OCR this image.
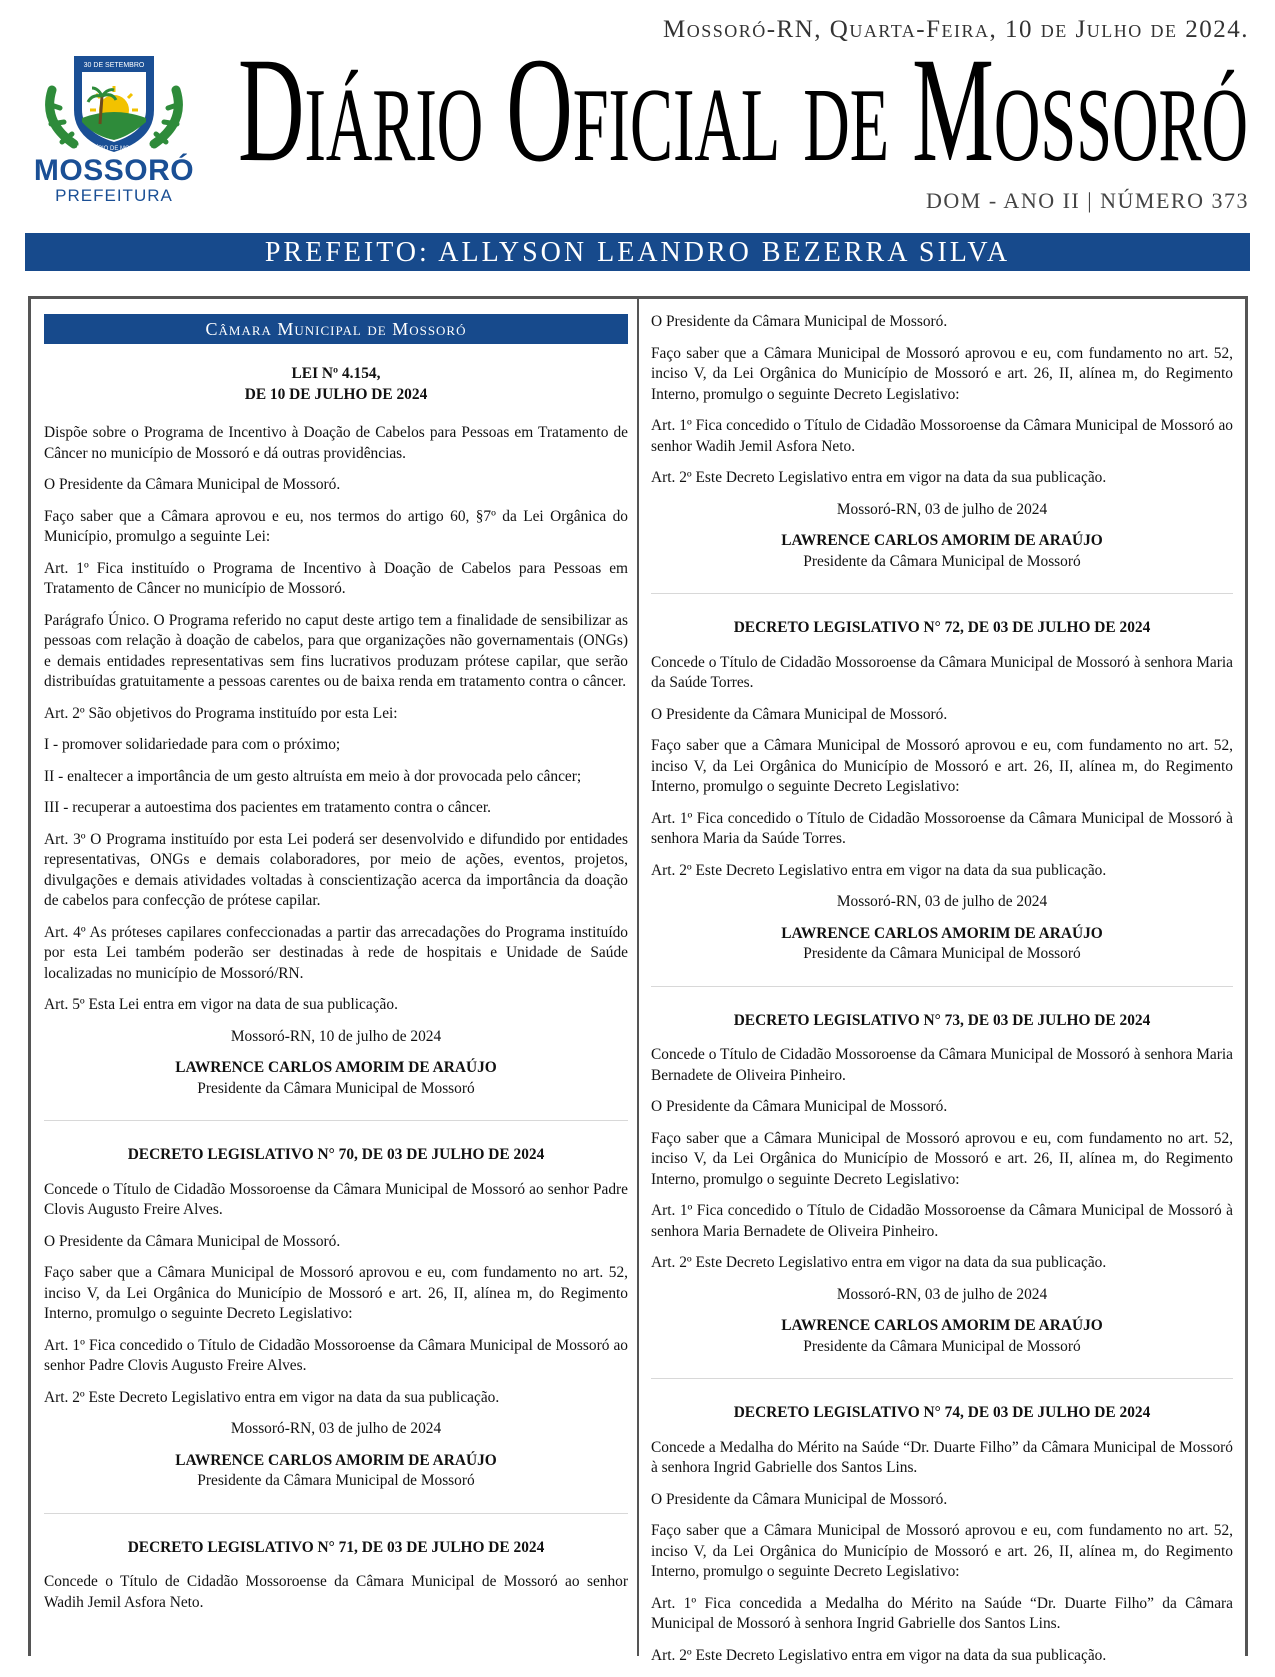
Mossoró-RN, Quarta-Feira, 10 de Julho de 2024.
30 DE SETEMBRO
MUNICÍPIO DE MOSSORÓ
MOSSORÓ
PREFEITURA
Diário Oficial de Mossoró
DOM - ANO II | NÚMERO 373
PREFEITO: ALLYSON LEANDRO BEZERRA SILVA
Câmara Municipal de Mossoró
LEI Nº 4.154,
DE 10 DE JULHO DE 2024

Dispõe sobre o Programa de Incentivo à Doação de Cabelos para Pessoas em Tratamento de Câncer no município de Mossoró e dá outras providências.

O Presidente da Câmara Municipal de Mossoró.

Faço saber que a Câmara aprovou e eu, nos termos do artigo 60, §7º da Lei Orgânica do Município, promulgo a seguinte Lei:

Art. 1º Fica instituído o Programa de Incentivo à Doação de Cabelos para Pessoas em Tratamento de Câncer no município de Mossoró.

Parágrafo Único. O Programa referido no caput deste artigo tem a finalidade de sensibilizar as pessoas com relação à doação de cabelos, para que organizações não governamentais (ONGs) e demais entidades representativas sem fins lucrativos produzam prótese capilar, que serão distribuídas gratuitamente a pessoas carentes ou de baixa renda em tratamento contra o câncer.

Art. 2º São objetivos do Programa instituído por esta Lei:

I - promover solidariedade para com o próximo;

II - enaltecer a importância de um gesto altruísta em meio à dor provocada pelo câncer;

III - recuperar a autoestima dos pacientes em tratamento contra o câncer.

Art. 3º O Programa instituído por esta Lei poderá ser desenvolvido e difundido por entidades representativas, ONGs e demais colaboradores, por meio de ações, eventos, projetos, divulgações e demais atividades voltadas à conscientização acerca da importância da doação de cabelos para confecção de prótese capilar.

Art. 4º As próteses capilares confeccionadas a partir das arrecadações do Programa instituído por esta Lei também poderão ser destinadas à rede de hospitais e Unidade de Saúde localizadas no município de Mossoró/RN.

Art. 5º Esta Lei entra em vigor na data de sua publicação.

Mossoró-RN, 10 de julho de 2024

LAWRENCE CARLOS AMORIM DE ARAÚJO

Presidente da Câmara Municipal de Mossoró

DECRETO LEGISLATIVO N° 70, DE 03 DE JULHO DE 2024

Concede o Título de Cidadão Mossoroense da Câmara Municipal de Mossoró ao senhor Padre Clovis Augusto Freire Alves.

O Presidente da Câmara Municipal de Mossoró.

Faço saber que a Câmara Municipal de Mossoró aprovou e eu, com fundamento no art. 52, inciso V, da Lei Orgânica do Município de Mossoró e art. 26, II, alínea m, do Regimento Interno, promulgo o seguinte Decreto Legislativo:

Art. 1º Fica concedido o Título de Cidadão Mossoroense da Câmara Municipal de Mossoró ao senhor Padre Clovis Augusto Freire Alves.

Art. 2º Este Decreto Legislativo entra em vigor na data da sua publicação.

Mossoró-RN, 03 de julho de 2024

LAWRENCE CARLOS AMORIM DE ARAÚJO

Presidente da Câmara Municipal de Mossoró

DECRETO LEGISLATIVO N° 71, DE 03 DE JULHO DE 2024

Concede o Título de Cidadão Mossoroense da Câmara Municipal de Mossoró ao senhor Wadih Jemil Asfora Neto.

O Presidente da Câmara Municipal de Mossoró.

Faço saber que a Câmara Municipal de Mossoró aprovou e eu, com fundamento no art. 52, inciso V, da Lei Orgânica do Município de Mossoró e art. 26, II, alínea m, do Regimento Interno, promulgo o seguinte Decreto Legislativo:

Art. 1º Fica concedido o Título de Cidadão Mossoroense da Câmara Municipal de Mossoró ao senhor Wadih Jemil Asfora Neto.

Art. 2º Este Decreto Legislativo entra em vigor na data da sua publicação.

Mossoró-RN, 03 de julho de 2024

LAWRENCE CARLOS AMORIM DE ARAÚJO

Presidente da Câmara Municipal de Mossoró

DECRETO LEGISLATIVO N° 72, DE 03 DE JULHO DE 2024

Concede o Título de Cidadão Mossoroense da Câmara Municipal de Mossoró à senhora Maria da Saúde Torres.

O Presidente da Câmara Municipal de Mossoró.

Faço saber que a Câmara Municipal de Mossoró aprovou e eu, com fundamento no art. 52, inciso V, da Lei Orgânica do Município de Mossoró e art. 26, II, alínea m, do Regimento Interno, promulgo o seguinte Decreto Legislativo:

Art. 1º Fica concedido o Título de Cidadão Mossoroense da Câmara Municipal de Mossoró à senhora Maria da Saúde Torres.

Art. 2º Este Decreto Legislativo entra em vigor na data da sua publicação.

Mossoró-RN, 03 de julho de 2024

LAWRENCE CARLOS AMORIM DE ARAÚJO

Presidente da Câmara Municipal de Mossoró

DECRETO LEGISLATIVO N° 73, DE 03 DE JULHO DE 2024

Concede o Título de Cidadão Mossoroense da Câmara Municipal de Mossoró à senhora Maria Bernadete de Oliveira Pinheiro.

O Presidente da Câmara Municipal de Mossoró.

Faço saber que a Câmara Municipal de Mossoró aprovou e eu, com fundamento no art. 52, inciso V, da Lei Orgânica do Município de Mossoró e art. 26, II, alínea m, do Regimento Interno, promulgo o seguinte Decreto Legislativo:

Art. 1º Fica concedido o Título de Cidadão Mossoroense da Câmara Municipal de Mossoró à senhora Maria Bernadete de Oliveira Pinheiro.

Art. 2º Este Decreto Legislativo entra em vigor na data da sua publicação.

Mossoró-RN, 03 de julho de 2024

LAWRENCE CARLOS AMORIM DE ARAÚJO

Presidente da Câmara Municipal de Mossoró

DECRETO LEGISLATIVO N° 74, DE 03 DE JULHO DE 2024

Concede a Medalha do Mérito na Saúde “Dr. Duarte Filho” da Câmara Municipal de Mossoró à senhora Ingrid Gabrielle dos Santos Lins.

O Presidente da Câmara Municipal de Mossoró.

Faço saber que a Câmara Municipal de Mossoró aprovou e eu, com fundamento no art. 52, inciso V, da Lei Orgânica do Município de Mossoró e art. 26, II, alínea m, do Regimento Interno, promulgo o seguinte Decreto Legislativo:

Art. 1º Fica concedida a Medalha do Mérito na Saúde “Dr. Duarte Filho” da Câmara Municipal de Mossoró à senhora Ingrid Gabrielle dos Santos Lins.

Art. 2º Este Decreto Legislativo entra em vigor na data da sua publicação.
